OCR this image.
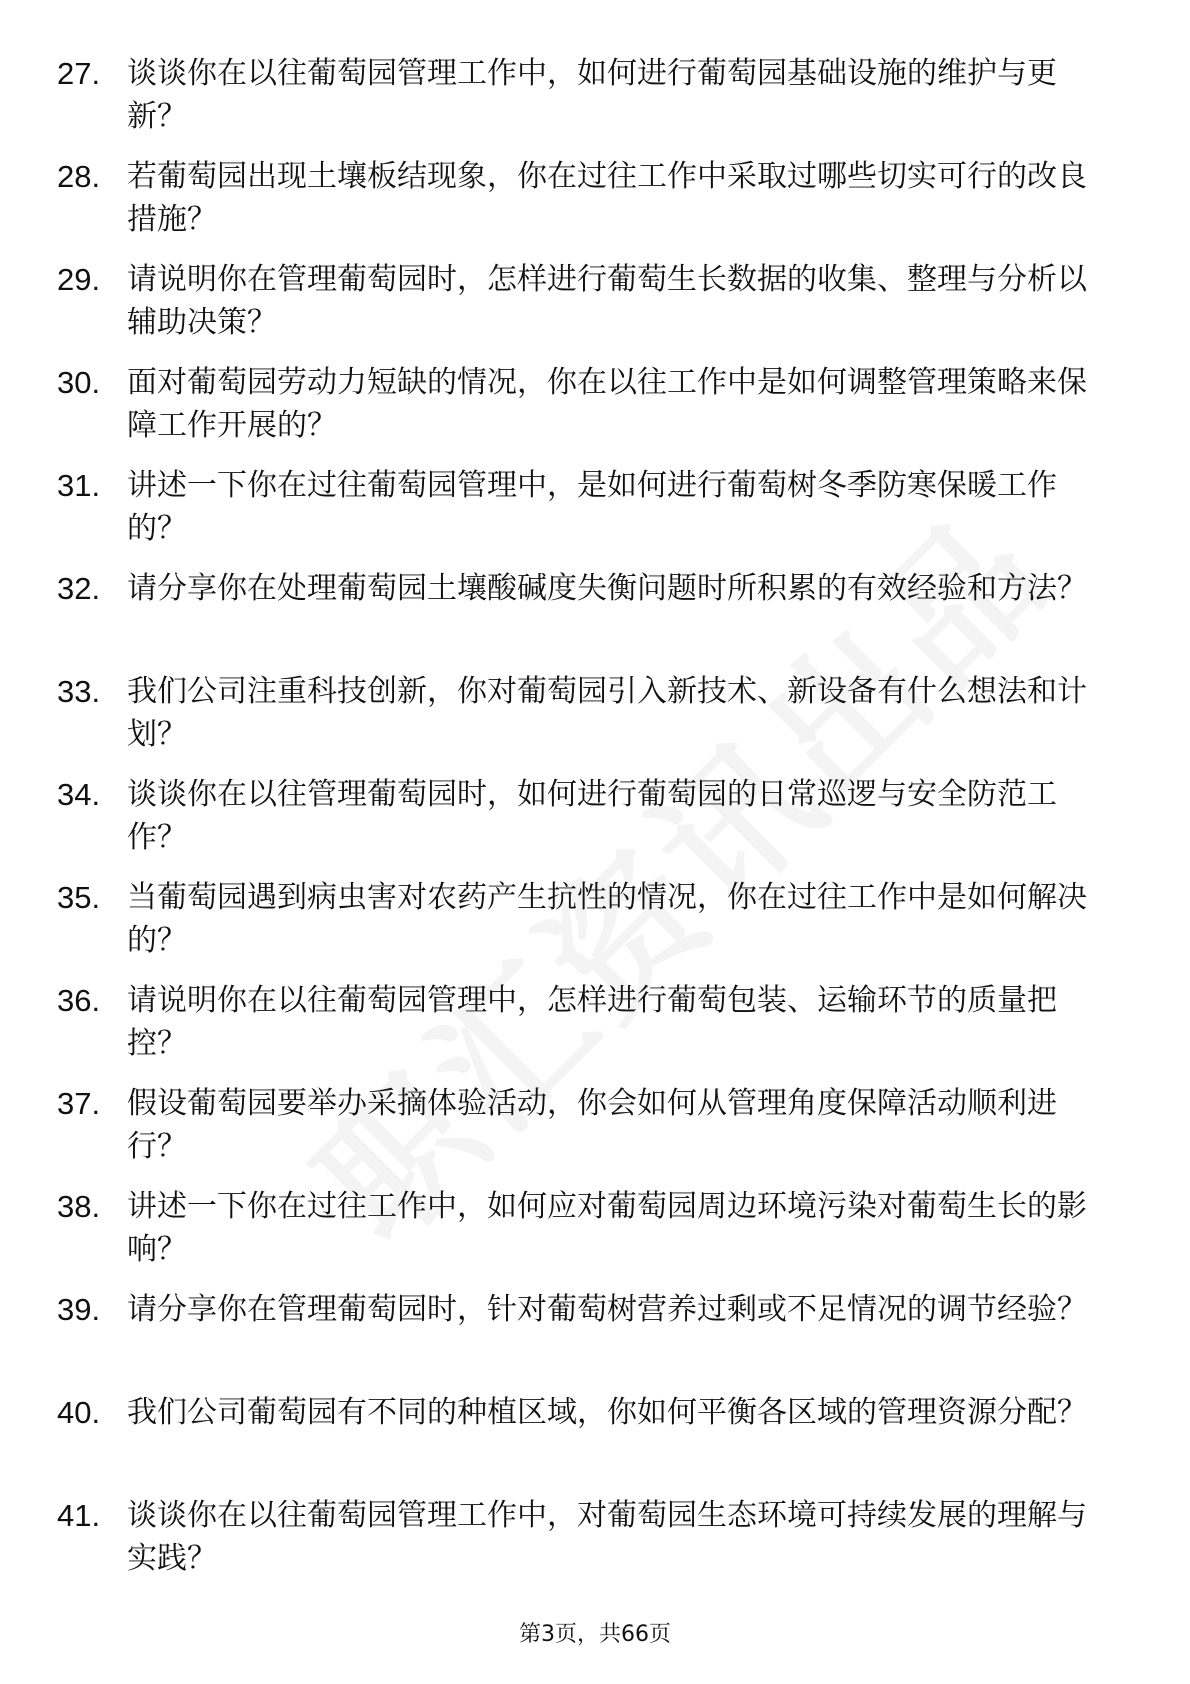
27. 谈谈你在以往葡萄园管理工作中，如何进行葡萄园基础设施的维护与更新？
28. 若葡萄园出现土壤板结现象，你在过往工作中采取过哪些切实可行的改良措施？
29. 请说明你在管理葡萄园时，怎样进行葡萄生长数据的收集、整理与分析以辅助决策？
30. 面对葡萄园劳动力短缺的情况，你在以往工作中是如何调整管理策略来保障工作开展的？
31. 讲述一下你在过往葡萄园管理中，是如何进行葡萄树冬季防寒保暖工作的？
32. 请分享你在处理葡萄园土壤酸碱度失衡问题时所积累的有效经验和方法？
33. 我们公司注重科技创新，你对葡萄园引入新技术、新设备有什么想法和计划？
34. 谈谈你在以往管理葡萄园时，如何进行葡萄园的日常巡逻与安全防范工作？
35. 当葡萄园遇到病虫害对农药产生抗性的情况，你在过往工作中是如何解决的？
36. 请说明你在以往葡萄园管理中，怎样进行葡萄包装、运输环节的质量把控？
37. 假设葡萄园要举办采摘体验活动，你会如何从管理角度保障活动顺利进行？
38. 讲述一下你在过往工作中，如何应对葡萄园周边环境污染对葡萄生长的影响？
39. 请分享你在管理葡萄园时，针对葡萄树营养过剩或不足情况的调节经验？
40. 我们公司葡萄园有不同的种植区域，你如何平衡各区域的管理资源分配？
41. 谈谈你在以往葡萄园管理工作中，对葡萄园生态环境可持续发展的理解与实践？
第3页，共66页
